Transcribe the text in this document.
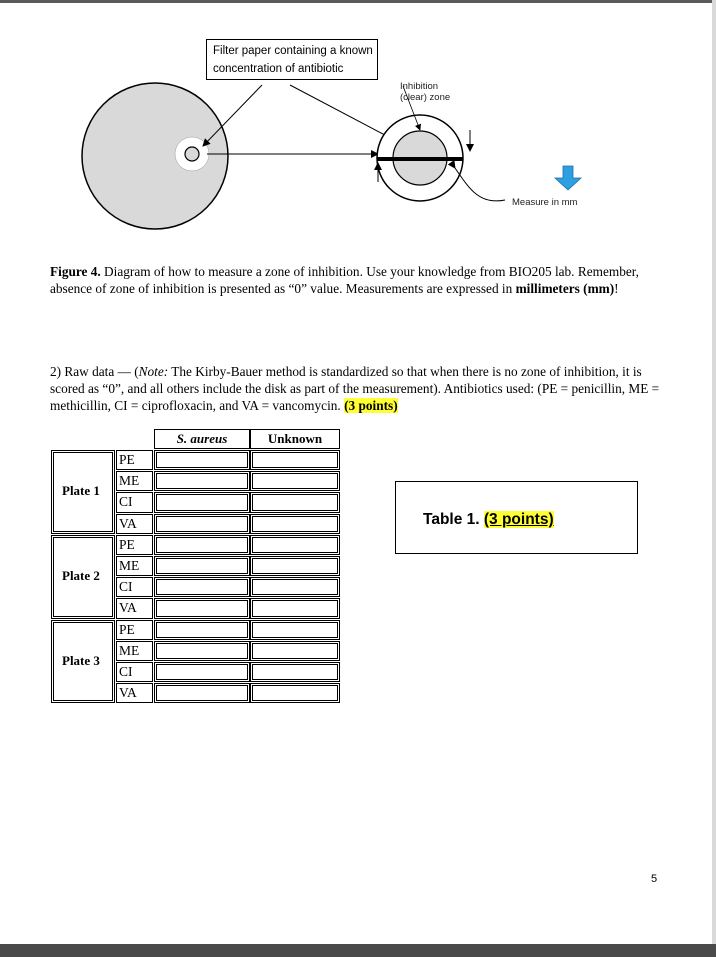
Filter paper containing a known
concentration of antibiotic
Inhibition
(clear) zone
Measure in mm
Figure 4. Diagram of how to measure a zone of inhibition. Use your knowledge from BIO205 lab. Remember, absence of zone of inhibition is presented as “0” value. Measurements are expressed in millimeters (mm)!
2) Raw data — (Note: The Kirby-Bauer method is standardized so that when there is no zone of inhibition, it is scored as “0”, and all others include the disk as part of the measurement). Antibiotics used: (PE = penicillin, ME = methicillin, CI = ciprofloxacin, and VA = vancomycin. (3 points)
S. aureus	Unknown
Plate 1
PE
ME
CI
VA
Plate 2
PE
ME
CI
VA
Plate 3
PE
ME
CI
VA
Table 1. (3 points)
5
